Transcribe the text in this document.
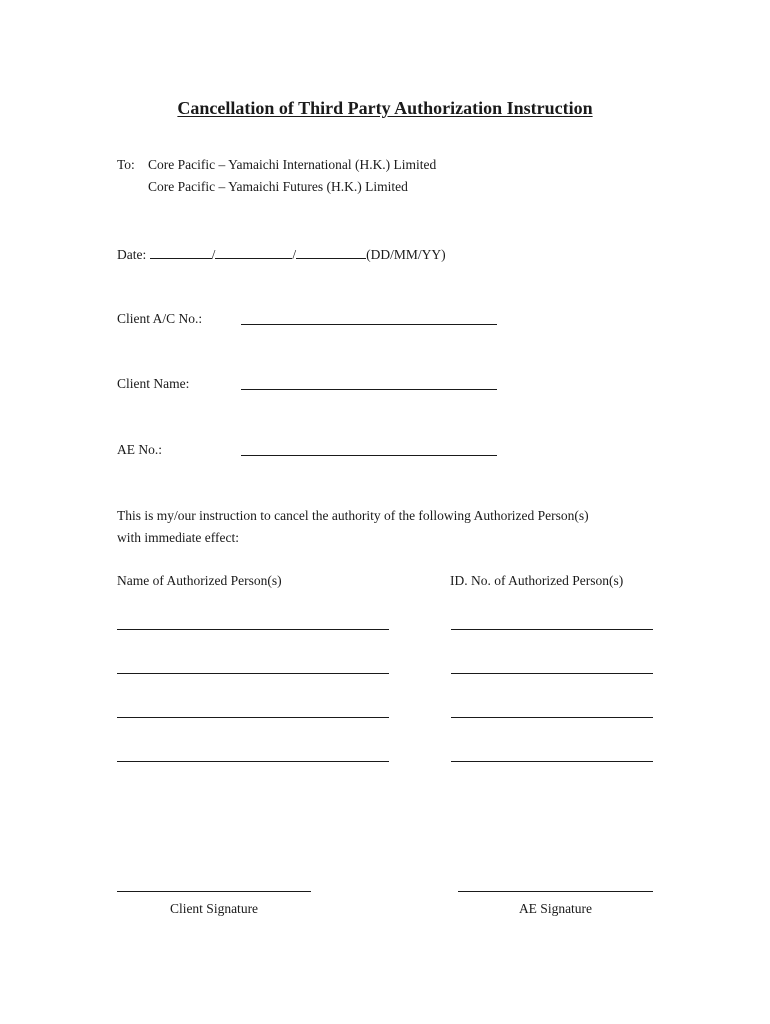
Cancellation of Third Party Authorization Instruction
To: Core Pacific – Yamaichi International (H.K.) Limited
Core Pacific – Yamaichi Futures (H.K.) Limited
Date:	/	/	(DD/MM/YY)
Client A/C No.:
Client Name:
AE No.:
This is my/our instruction to cancel the authority of the following Authorized Person(s)
with immediate effect:
Name of Authorized Person(s)	ID. No. of Authorized Person(s)
Client Signature	AE Signature
